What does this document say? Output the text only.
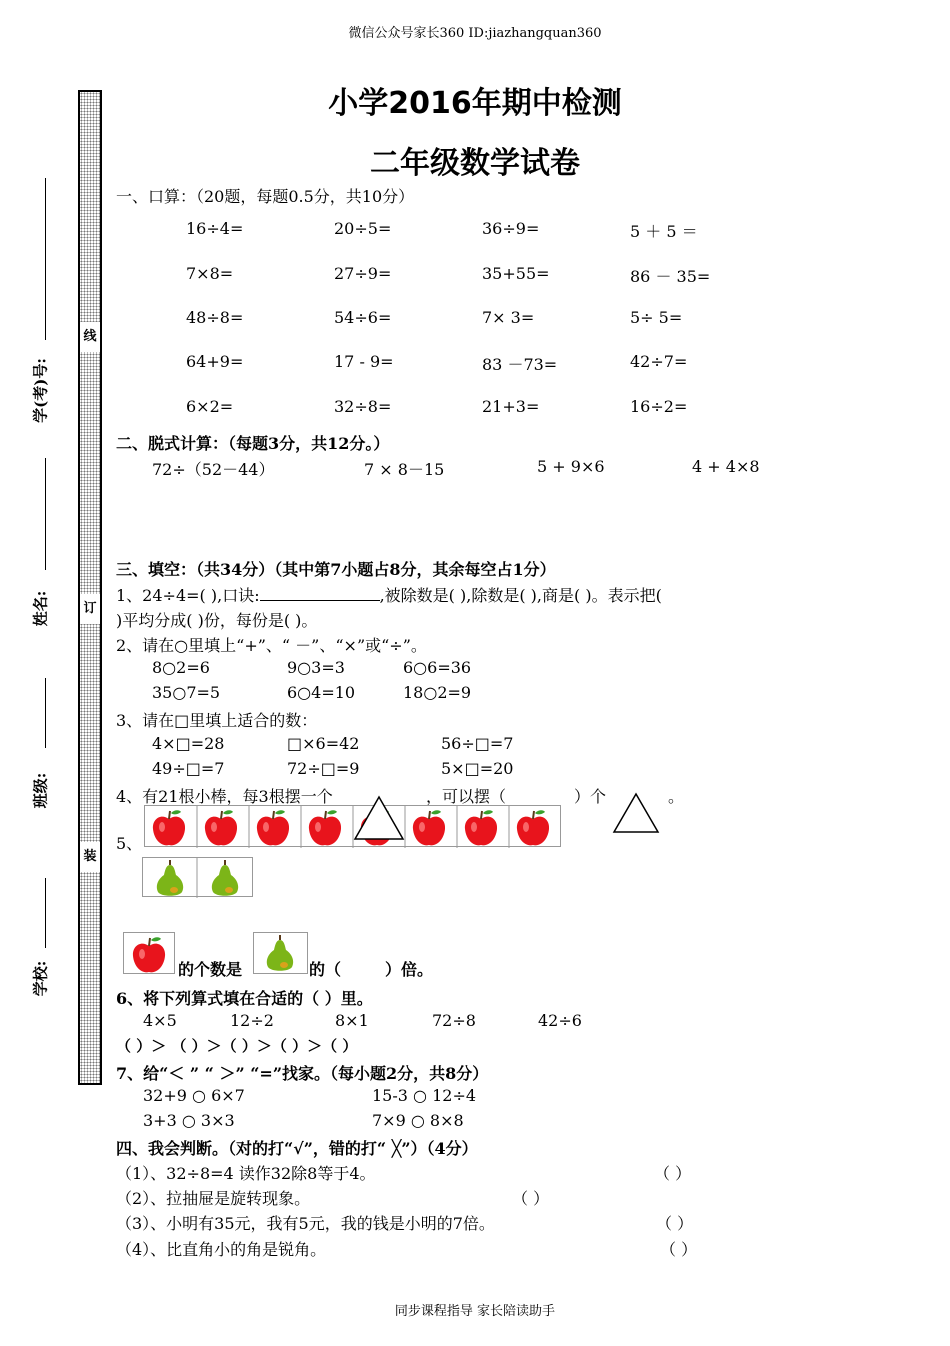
微信公众号家长360 ID:jiazhangquan360
同步课程指导 家长陪读助手
小学2016年期中检测
二年级数学试卷
线
订
装
学(考)号:
姓名:
班级:
学校:
一、口算：（20题，每题0.5分，共10分）
16÷4=	20÷5=	36÷9=	5 ＋ 5 ＝
7×8=	27÷9=	35+55=	86 － 35=
48÷8=	54÷6=	7× 3=	5÷ 5=
64+9=	17 - 9=	83 －73=	42÷7=
6×2=	32÷8=	21+3=	16÷2=
二、脱式计算：（每题3分，共12分。）
72÷（52－44）	7 × 8－15	5 + 9×6	4 + 4×8
三、填空：（共34分）（其中第7小题占8分，其余每空占1分）
1、24÷4=( ),口诀:	,被除数是( ),除数是( ),商是( )。表示把(
)平均分成( )份，每份是( )。
2、请在○里填上“+”、“ －”、“×”或“÷”。
8○2=6	9○3=3	6○6=36
35○7=5	6○4=10	18○2=9
3、请在□里填上适合的数：
4×□=28	□×6=42	56÷□=7
49÷□=7	72÷□=9	5×□=20
4、有21根小棒，每3根摆一个	，可以摆（	）个	。
5、
的个数是	的（	）倍。
6、将下列算式填在合适的（ ）里。
4×5	12÷2	8×1	72÷8	42÷6
（ ）＞ （ ）＞（ ）＞（ ）＞（ ）
7、给“＜ ” “ ＞” “=”找家。（每小题2分，共8分）
32+9 ○ 6×7	15-3 ○ 12÷4
3+3 ○ 3×3	7×9 ○ 8×8
四、我会判断。（对的打“√”，错的打“ ╳”）（4分）
（1）、32÷8=4 读作32除8等于4。	（ ）
（2）、拉抽屉是旋转现象。	（ ）
（3）、小明有35元，我有5元，我的钱是小明的7倍。	（ ）
（4）、比直角小的角是锐角。	（ ）
